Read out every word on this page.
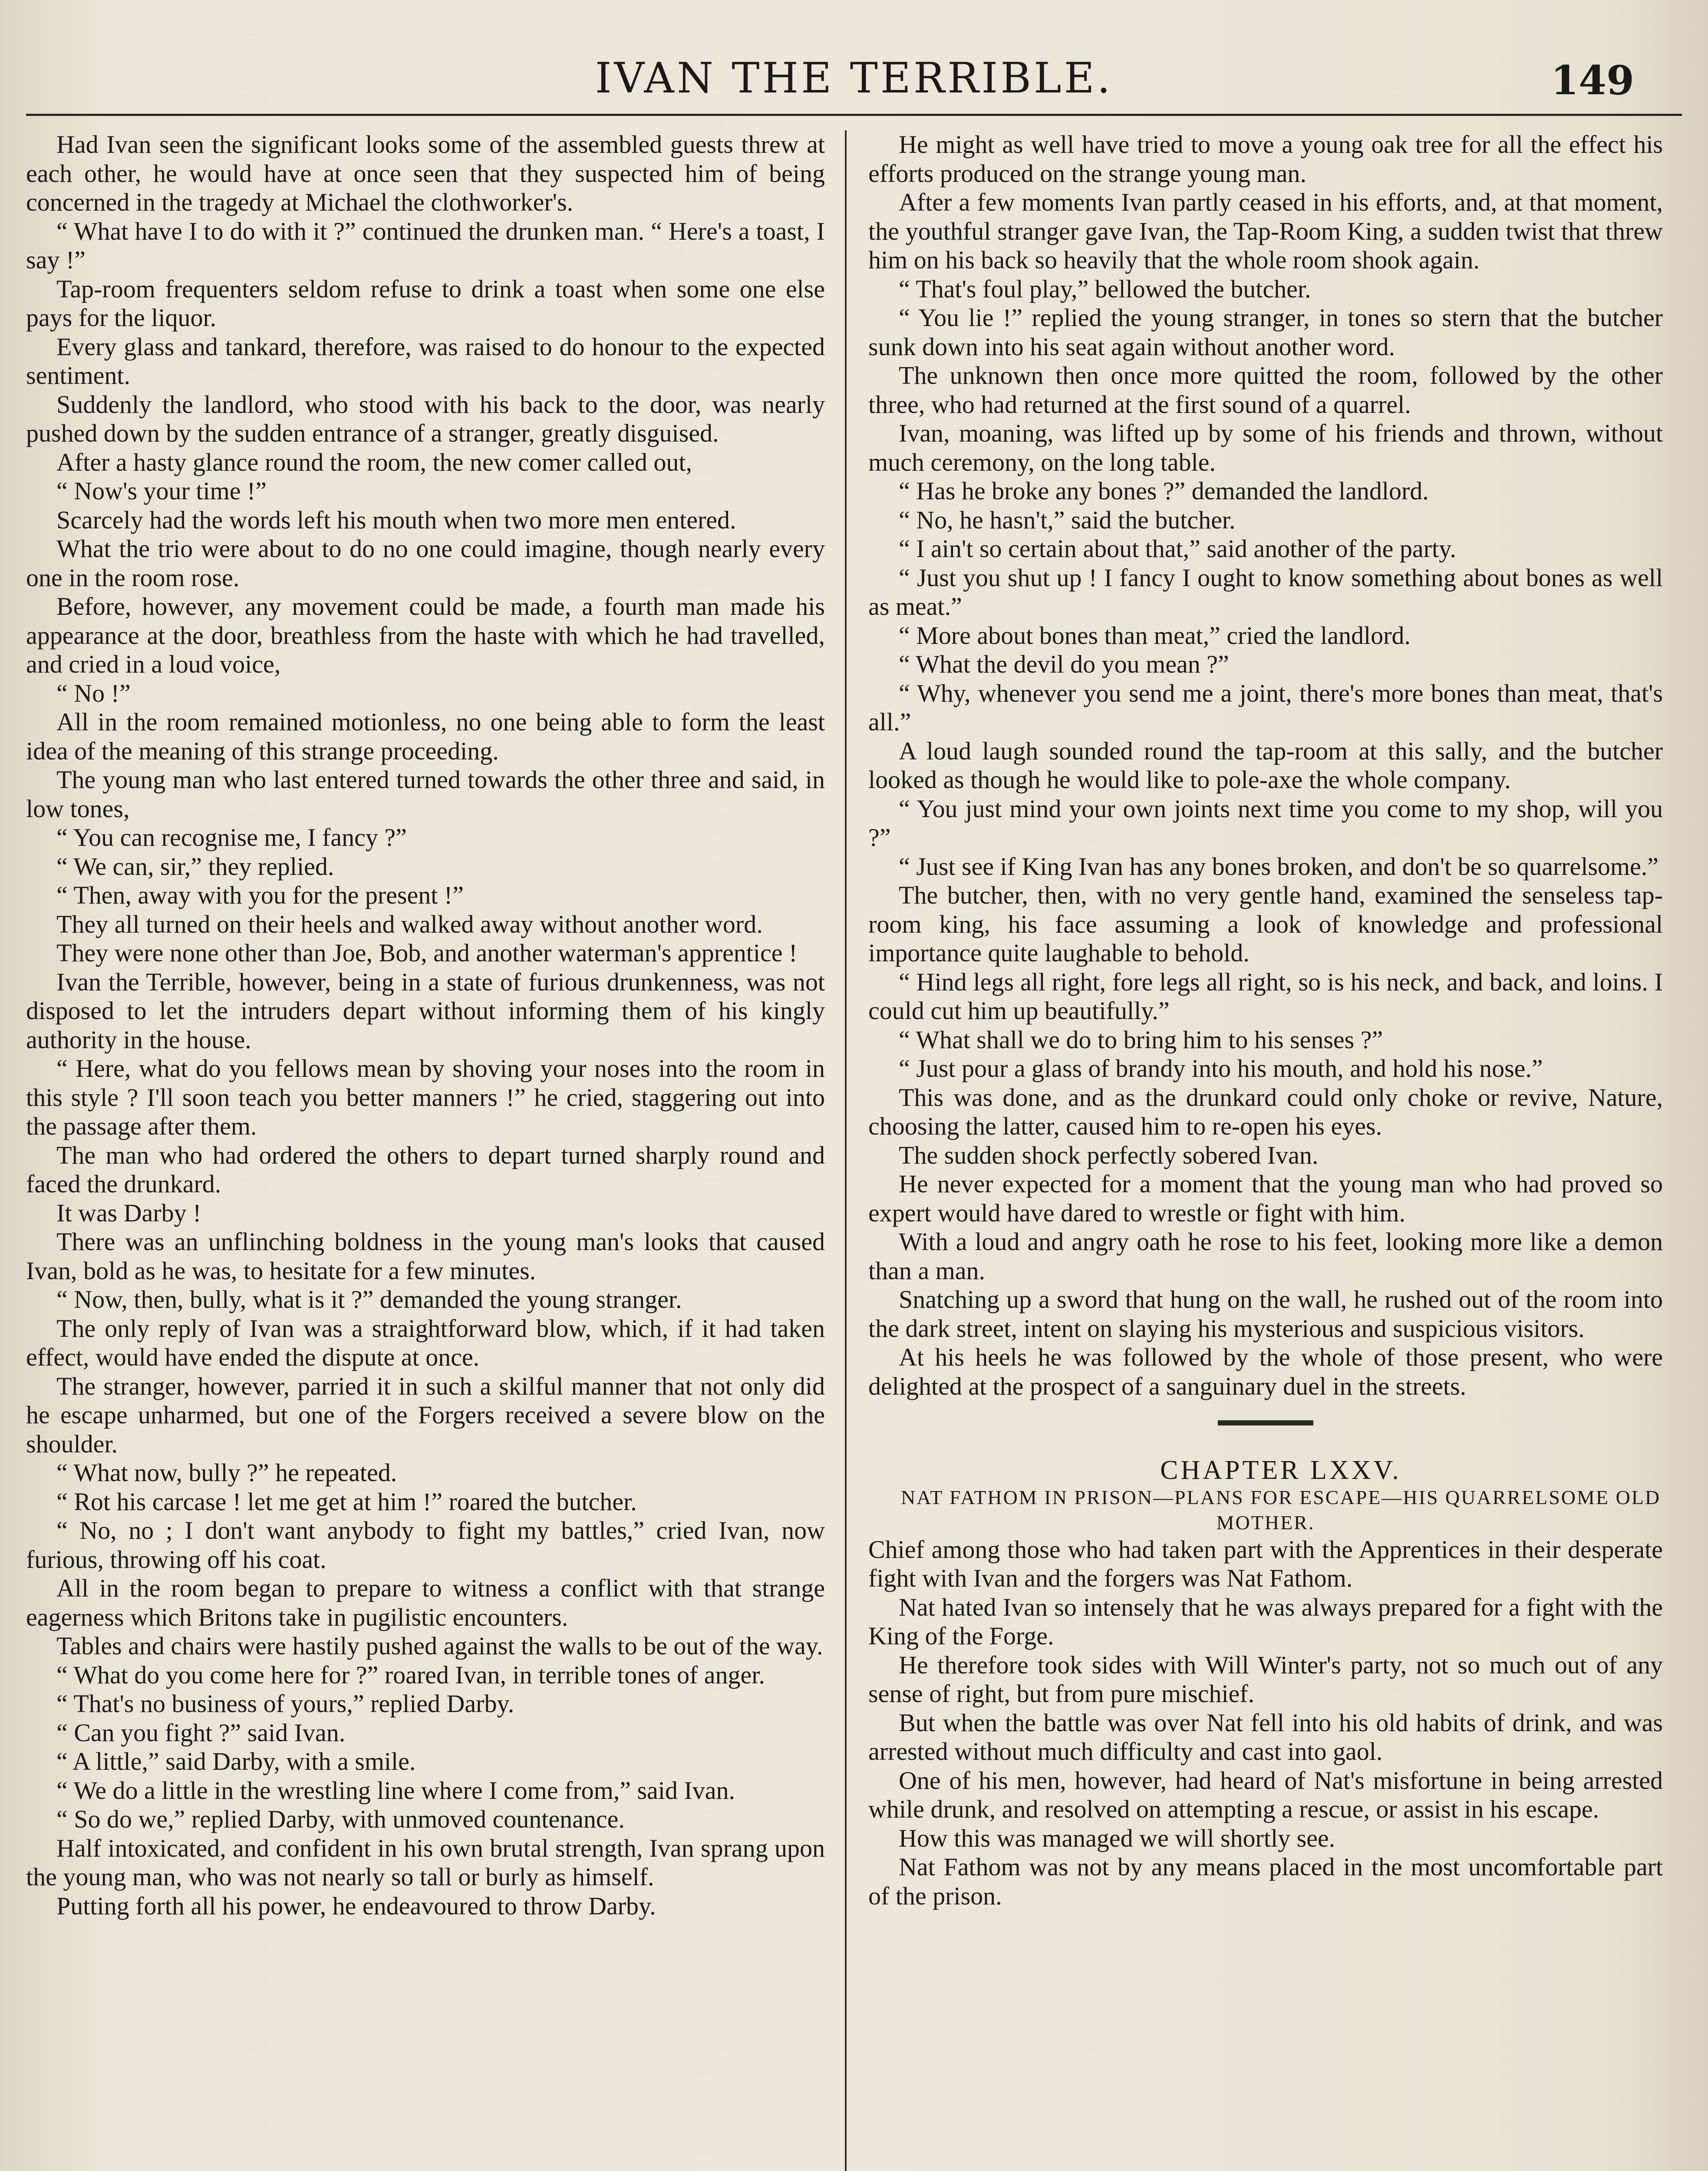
IVAN THE TERRIBLE.	149

Had Ivan seen the significant looks some of the assembled guests threw at each other, he would have at once seen that they suspected him of being concerned in the tragedy at Michael the clothworker's.

“ What have I to do with it ?” continued the drunken man. “ Here's a toast, I say !”

Tap-room frequenters seldom refuse to drink a toast when some one else pays for the liquor.

Every glass and tankard, therefore, was raised to do honour to the expected sentiment.

Suddenly the landlord, who stood with his back to the door, was nearly pushed down by the sudden entrance of a stranger, greatly disguised.

After a hasty glance round the room, the new comer called out,

“ Now's your time !”

Scarcely had the words left his mouth when two more men entered.

What the trio were about to do no one could imagine, though nearly every one in the room rose.

Before, however, any movement could be made, a fourth man made his appearance at the door, breathless from the haste with which he had travelled, and cried in a loud voice,

“ No !”

All in the room remained motionless, no one being able to form the least idea of the meaning of this strange proceeding.

The young man who last entered turned towards the other three and said, in low tones,

“ You can recognise me, I fancy ?”

“ We can, sir,” they replied.

“ Then, away with you for the present !”

They all turned on their heels and walked away without another word.

They were none other than Joe, Bob, and another waterman's apprentice !

Ivan the Terrible, however, being in a state of furious drunkenness, was not disposed to let the intruders depart without informing them of his kingly authority in the house.

“ Here, what do you fellows mean by shoving your noses into the room in this style ? I'll soon teach you better manners !” he cried, staggering out into the passage after them.

The man who had ordered the others to depart turned sharply round and faced the drunkard.

It was Darby !

There was an unflinching boldness in the young man's looks that caused Ivan, bold as he was, to hesitate for a few minutes.

“ Now, then, bully, what is it ?” demanded the young stranger.

The only reply of Ivan was a straightforward blow, which, if it had taken effect, would have ended the dispute at once.

The stranger, however, parried it in such a skilful manner that not only did he escape unharmed, but one of the Forgers received a severe blow on the shoulder.

“ What now, bully ?” he repeated.

“ Rot his carcase ! let me get at him !” roared the butcher.

“ No, no ; I don't want anybody to fight my battles,” cried Ivan, now furious, throwing off his coat.

All in the room began to prepare to witness a conflict with that strange eagerness which Britons take in pugilistic encounters.

Tables and chairs were hastily pushed against the walls to be out of the way.

“ What do you come here for ?” roared Ivan, in terrible tones of anger.

“ That's no business of yours,” replied Darby.

“ Can you fight ?” said Ivan.

“ A little,” said Darby, with a smile.

“ We do a little in the wrestling line where I come from,” said Ivan.

“ So do we,” replied Darby, with unmoved countenance.

Half intoxicated, and confident in his own brutal strength, Ivan sprang upon the young man, who was not nearly so tall or burly as himself.

Putting forth all his power, he endeavoured to throw Darby.

He might as well have tried to move a young oak tree for all the effect his efforts produced on the strange young man.

After a few moments Ivan partly ceased in his efforts, and, at that moment, the youthful stranger gave Ivan, the Tap-Room King, a sudden twist that threw him on his back so heavily that the whole room shook again.

“ That's foul play,” bellowed the butcher.

“ You lie !” replied the young stranger, in tones so stern that the butcher sunk down into his seat again without another word.

The unknown then once more quitted the room, followed by the other three, who had returned at the first sound of a quarrel.

Ivan, moaning, was lifted up by some of his friends and thrown, without much ceremony, on the long table.

“ Has he broke any bones ?” demanded the landlord.

“ No, he hasn't,” said the butcher.

“ I ain't so certain about that,” said another of the party.

“ Just you shut up ! I fancy I ought to know something about bones as well as meat.”

“ More about bones than meat,” cried the landlord.

“ What the devil do you mean ?”

“ Why, whenever you send me a joint, there's more bones than meat, that's all.”

A loud laugh sounded round the tap-room at this sally, and the butcher looked as though he would like to pole-axe the whole company.

“ You just mind your own joints next time you come to my shop, will you ?”

“ Just see if King Ivan has any bones broken, and don't be so quarrelsome.”

The butcher, then, with no very gentle hand, examined the senseless tap-room king, his face assuming a look of knowledge and professional importance quite laughable to behold.

“ Hind legs all right, fore legs all right, so is his neck, and back, and loins. I could cut him up beautifully.”

“ What shall we do to bring him to his senses ?”

“ Just pour a glass of brandy into his mouth, and hold his nose.”

This was done, and as the drunkard could only choke or revive, Nature, choosing the latter, caused him to re-open his eyes.

The sudden shock perfectly sobered Ivan.

He never expected for a moment that the young man who had proved so expert would have dared to wrestle or fight with him.

With a loud and angry oath he rose to his feet, looking more like a demon than a man.

Snatching up a sword that hung on the wall, he rushed out of the room into the dark street, intent on slaying his mysterious and suspicious visitors.

At his heels he was followed by the whole of those present, who were delighted at the prospect of a sanguinary duel in the streets.

CHAPTER LXXV.

NAT FATHOM IN PRISON—PLANS FOR ESCAPE—HIS QUARRELSOME OLD MOTHER.

Chief among those who had taken part with the Apprentices in their desperate fight with Ivan and the forgers was Nat Fathom.

Nat hated Ivan so intensely that he was always prepared for a fight with the King of the Forge.

He therefore took sides with Will Winter's party, not so much out of any sense of right, but from pure mischief.

But when the battle was over Nat fell into his old habits of drink, and was arrested without much difficulty and cast into gaol.

One of his men, however, had heard of Nat's misfortune in being arrested while drunk, and resolved on attempting a rescue, or assist in his escape.

How this was managed we will shortly see.

Nat Fathom was not by any means placed in the most uncomfortable part of the prison.
